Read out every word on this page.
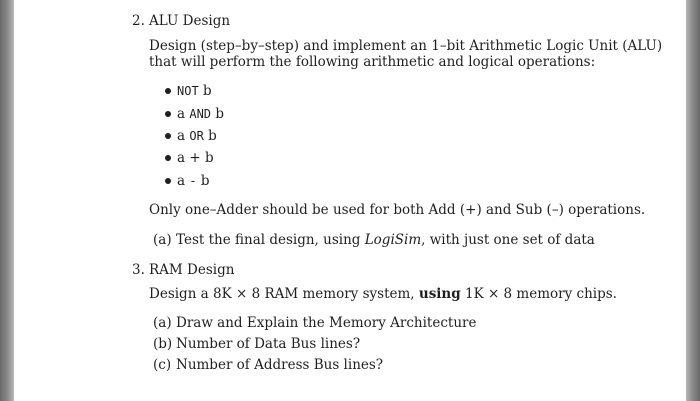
2. ALU Design
Design (step–by–step) and implement an 1–bit Arithmetic Logic Unit (ALU)
that will perform the following arithmetic and logical operations:
NOT b
a AND b
a OR b
a + b
a - b
Only one–Adder should be used for both Add (+) and Sub (–) operations.
(a) Test the final design, using LogiSim, with just one set of data
3. RAM Design
Design a 8K × 8 RAM memory system, using 1K × 8 memory chips.
(a) Draw and Explain the Memory Architecture
(b) Number of Data Bus lines?
(c) Number of Address Bus lines?
